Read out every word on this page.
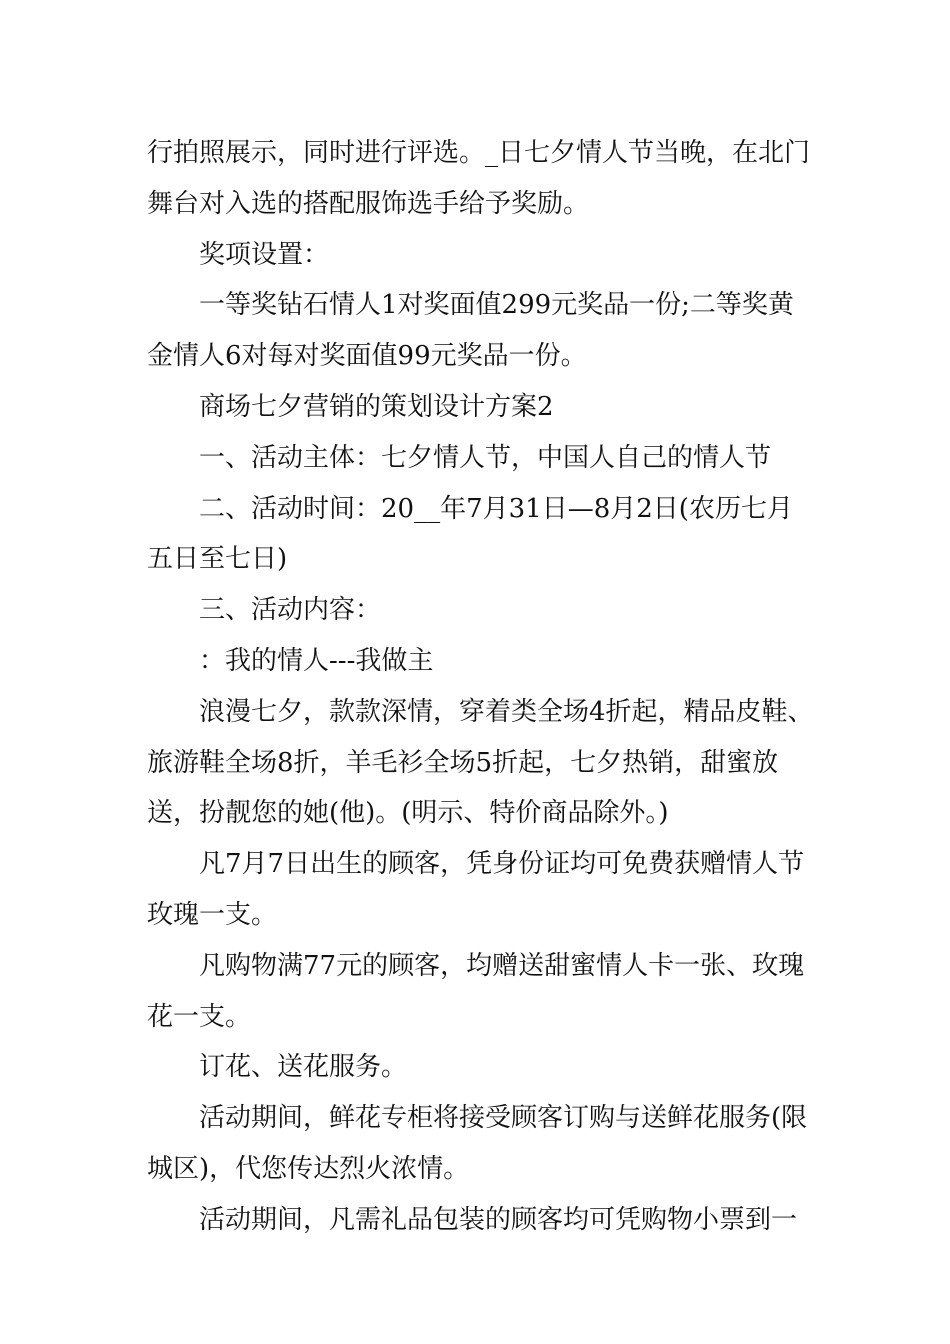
行拍照展示，同时进行评选。_日七夕情人节当晚，在北门舞台对入选的搭配服饰选手给予奖励。

奖项设置：

一等奖钻石情人1对奖面值299元奖品一份;二等奖黄金情人6对每对奖面值99元奖品一份。

商场七夕营销的策划设计方案2

一、活动主体：七夕情人节，中国人自己的情人节

二、活动时间：20__年7月31日—8月2日(农历七月五日至七日)

三、活动内容：

：我的情人---我做主

浪漫七夕，款款深情，穿着类全场4折起，精品皮鞋、旅游鞋全场8折，羊毛衫全场5折起，七夕热销，甜蜜放送，扮靓您的她(他)。(明示、特价商品除外。)

凡7月7日出生的顾客，凭身份证均可免费获赠情人节玫瑰一支。

凡购物满77元的顾客，均赠送甜蜜情人卡一张、玫瑰花一支。

订花、送花服务。

活动期间，鲜花专柜将接受顾客订购与送鲜花服务(限城区)，代您传达烈火浓情。

活动期间，凡需礼品包装的顾客均可凭购物小票到一
